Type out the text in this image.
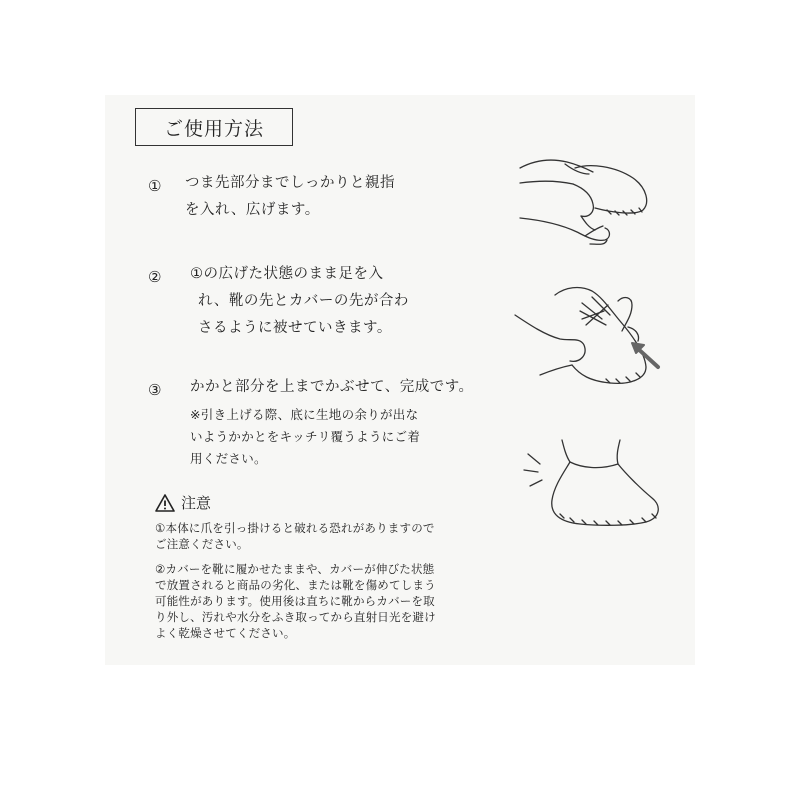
ご使用方法
① つま先部分までしっかりと親指
を入れ、広げます。
② ①の広げた状態のまま足を入
れ、靴の先とカバーの先が合わ
さるように被せていきます。
③ かかと部分を上までかぶせて、完成です。
※引き上げる際、底に生地の余りが出な
いようかかとをキッチリ覆うようにご着
用ください。
注意
①本体に爪を引っ掛けると破れる恐れがありますので
ご注意ください。
②カバーを靴に履かせたままや、カバーが伸びた状態
で放置されると商品の劣化、または靴を傷めてしまう
可能性があります。使用後は直ちに靴からカバーを取
り外し、汚れや水分をふき取ってから直射日光を避け
よく乾燥させてください。
